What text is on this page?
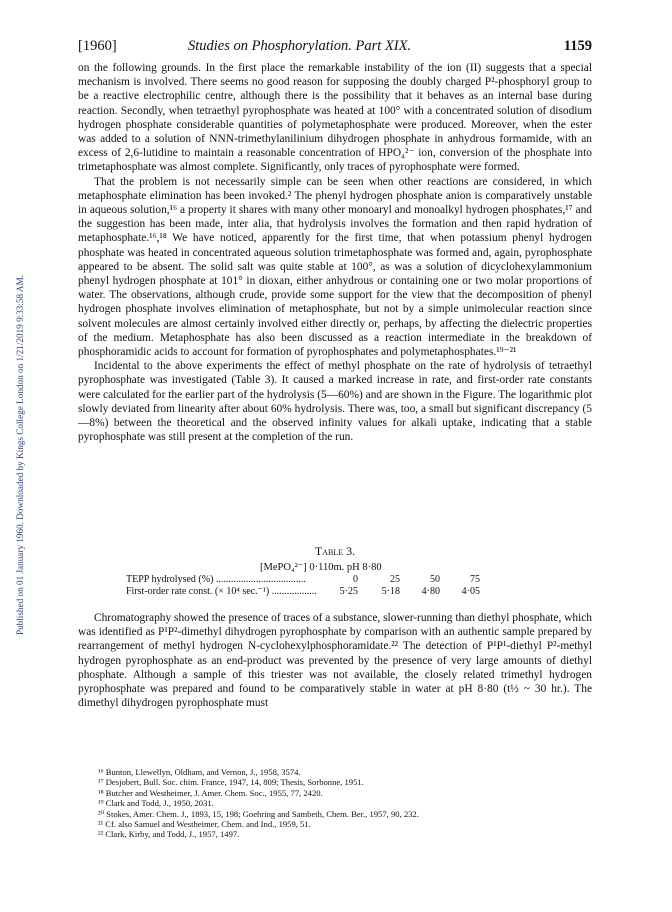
Published on 01 January 1960. Downloaded by Kings College London on 1/21/2019 9:33:58 AM.
[1960]	Studies on Phosphorylation. Part XIX.	1159

on the following grounds. In the first place the remarkable instability of the ion (II) suggests that a special mechanism is involved. There seems no good reason for supposing the doubly charged P²-phosphoryl group to be a reactive electrophilic centre, although there is the possibility that it behaves as an internal base during reaction. Secondly, when tetraethyl pyrophosphate was heated at 100° with a concentrated solution of disodium hydrogen phosphate considerable quantities of polymetaphosphate were produced. Moreover, when the ester was added to a solution of NNN-trimethylanilinium dihydrogen phosphate in anhydrous formamide, with an excess of 2,6-lutidine to maintain a reasonable concentration of HPO₄²⁻ ion, conversion of the phosphate into trimetaphosphate was almost complete. Significantly, only traces of pyrophosphate were formed.

That the problem is not necessarily simple can be seen when other reactions are considered, in which metaphosphate elimination has been invoked.² The phenyl hydrogen phosphate anion is comparatively unstable in aqueous solution,¹⁶ a property it shares with many other monoaryl and monoalkyl hydrogen phosphates,¹⁷ and the suggestion has been made, inter alia, that hydrolysis involves the formation and then rapid hydration of metaphosphate.¹⁶,¹⁸ We have noticed, apparently for the first time, that when potassium phenyl hydrogen phosphate was heated in concentrated aqueous solution trimetaphosphate was formed and, again, pyrophosphate appeared to be absent. The solid salt was quite stable at 100°, as was a solution of dicyclohexylammonium phenyl hydrogen phosphate at 101° in dioxan, either anhydrous or containing one or two molar proportions of water. The observations, although crude, provide some support for the view that the decomposition of phenyl hydrogen phosphate involves elimination of metaphosphate, but not by a simple unimolecular reaction since solvent molecules are almost certainly involved either directly or, perhaps, by affecting the dielectric properties of the medium. Metaphosphate has also been discussed as a reaction intermediate in the breakdown of phosphoramidic acids to account for formation of pyrophosphates and polymetaphosphates.¹⁹⁻²¹

Incidental to the above experiments the effect of methyl phosphate on the rate of hydrolysis of tetraethyl pyrophosphate was investigated (Table 3). It caused a marked increase in rate, and first-order rate constants were calculated for the earlier part of the hydrolysis (5—60%) and are shown in the Figure. The logarithmic plot slowly deviated from linearity after about 60% hydrolysis. There was, too, a small but significant discrepancy (5—8%) between the theoretical and the observed infinity values for alkali uptake, indicating that a stable pyrophosphate was still present at the completion of the run.

Table 3.
[MePO₄²⁻] 0·110m. pH 8·80
TEPP hydrolysed (%) ....................................	0	25	50	75
First-order rate const. (× 10⁴ sec.⁻¹) ..................	5·25	5·18	4·80	4·05

Chromatography showed the presence of traces of a substance, slower-running than diethyl phosphate, which was identified as P¹P²-dimethyl dihydrogen pyrophosphate by comparison with an authentic sample prepared by rearrangement of methyl hydrogen N-cyclohexylphosphoramidate.²² The detection of P¹P¹-diethyl P²-methyl hydrogen pyrophosphate as an end-product was prevented by the presence of very large amounts of diethyl phosphate. Although a sample of this triester was not available, the closely related trimethyl hydrogen pyrophosphate was prepared and found to be comparatively stable in water at pH 8·80 (t½ ~ 30 hr.). The dimethyl dihydrogen pyrophosphate must

¹⁶ Bunton, Llewellyn, Oldham, and Vernon, J., 1958, 3574.
¹⁷ Desjobert, Bull. Soc. chim. France, 1947, 14, 809; Thesis, Sorbonne, 1951.
¹⁸ Butcher and Westheimer, J. Amer. Chem. Soc., 1955, 77, 2420.
¹⁹ Clark and Todd, J., 1950, 2031.
²⁰ Stokes, Amer. Chem. J., 1893, 15, 198; Goehring and Sambeth, Chem. Ber., 1957, 90, 232.
²¹ Cf. also Samuel and Westheimer, Chem. and Ind., 1959, 51.
²² Clark, Kirby, and Todd, J., 1957, 1497.
